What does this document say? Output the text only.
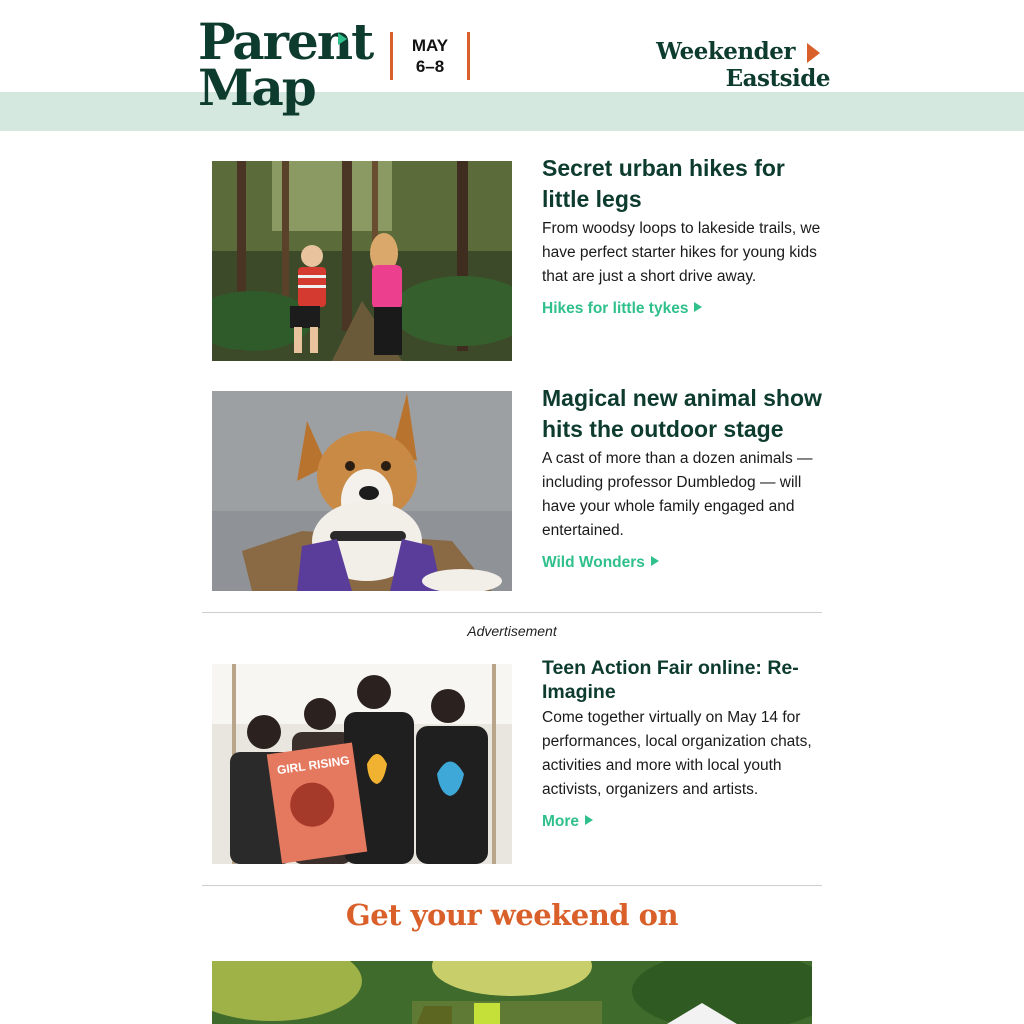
Parent
Map
MAY
6–8
WeekenderEastside
Secret urban hikes for little legs

From woodsy loops to lakeside trails, we have perfect starter hikes for young kids that are just a short drive away.

Hikes for little tykes
Magical new animal show hits the outdoor stage

A cast of more than a dozen animals — including professor Dumbledog — will have your whole family engaged and entertained.

Wild Wonders
Advertisement
GIRL RISING
Teen Action Fair online: Re-Imagine

Come together virtually on May 14 for performances, local organization chats, activities and more with local youth activists, organizers and artists.

More
Get your weekend on
